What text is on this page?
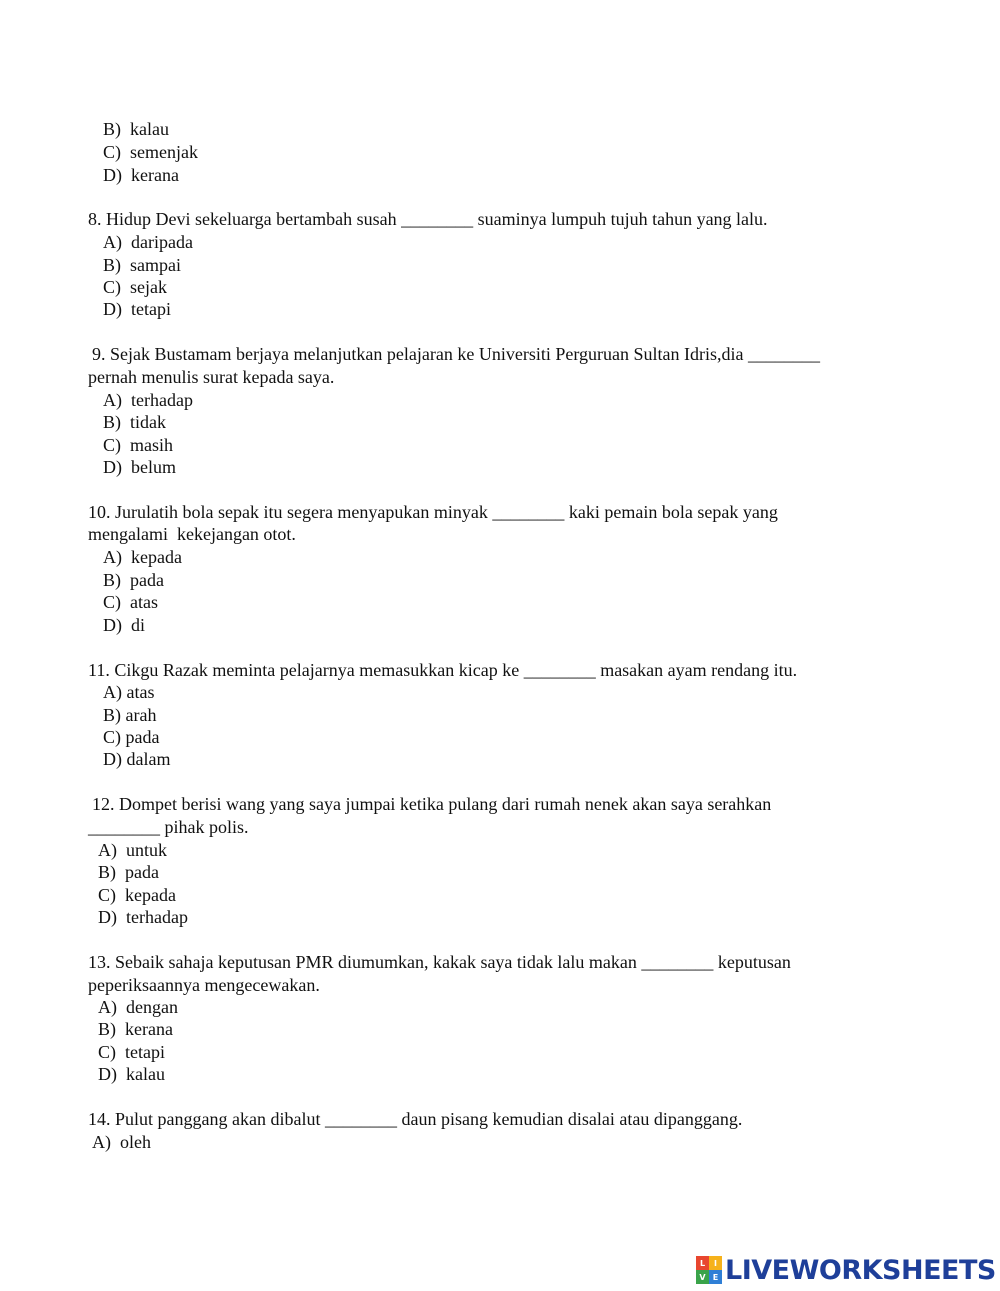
B)  kalau
C)  semenjak
D)  kerana
8. Hidup Devi sekeluarga bertambah susah ________ suaminya lumpuh tujuh tahun yang lalu.
A)  daripada
B)  sampai
C)  sejak
D)  tetapi
9. Sejak Bustamam berjaya melanjutkan pelajaran ke Universiti Perguruan Sultan Idris,dia ________
pernah menulis surat kepada saya.
A)  terhadap
B)  tidak
C)  masih
D)  belum
10. Jurulatih bola sepak itu segera menyapukan minyak ________ kaki pemain bola sepak yang
mengalami  kekejangan otot.
A)  kepada
B)  pada
C)  atas
D)  di
11. Cikgu Razak meminta pelajarnya memasukkan kicap ke ________ masakan ayam rendang itu.
A) atas
B) arah
C) pada
D) dalam
12. Dompet berisi wang yang saya jumpai ketika pulang dari rumah nenek akan saya serahkan
________ pihak polis.
A)  untuk
B)  pada
C)  kepada
D)  terhadap
13. Sebaik sahaja keputusan PMR diumumkan, kakak saya tidak lalu makan ________ keputusan
peperiksaannya mengecewakan.
A)  dengan
B)  kerana
C)  tetapi
D)  kalau
14. Pulut panggang akan dibalut ________ daun pisang kemudian disalai atau dipanggang.
A)  oleh
L	I
V E LIVEWORKSHEETS
